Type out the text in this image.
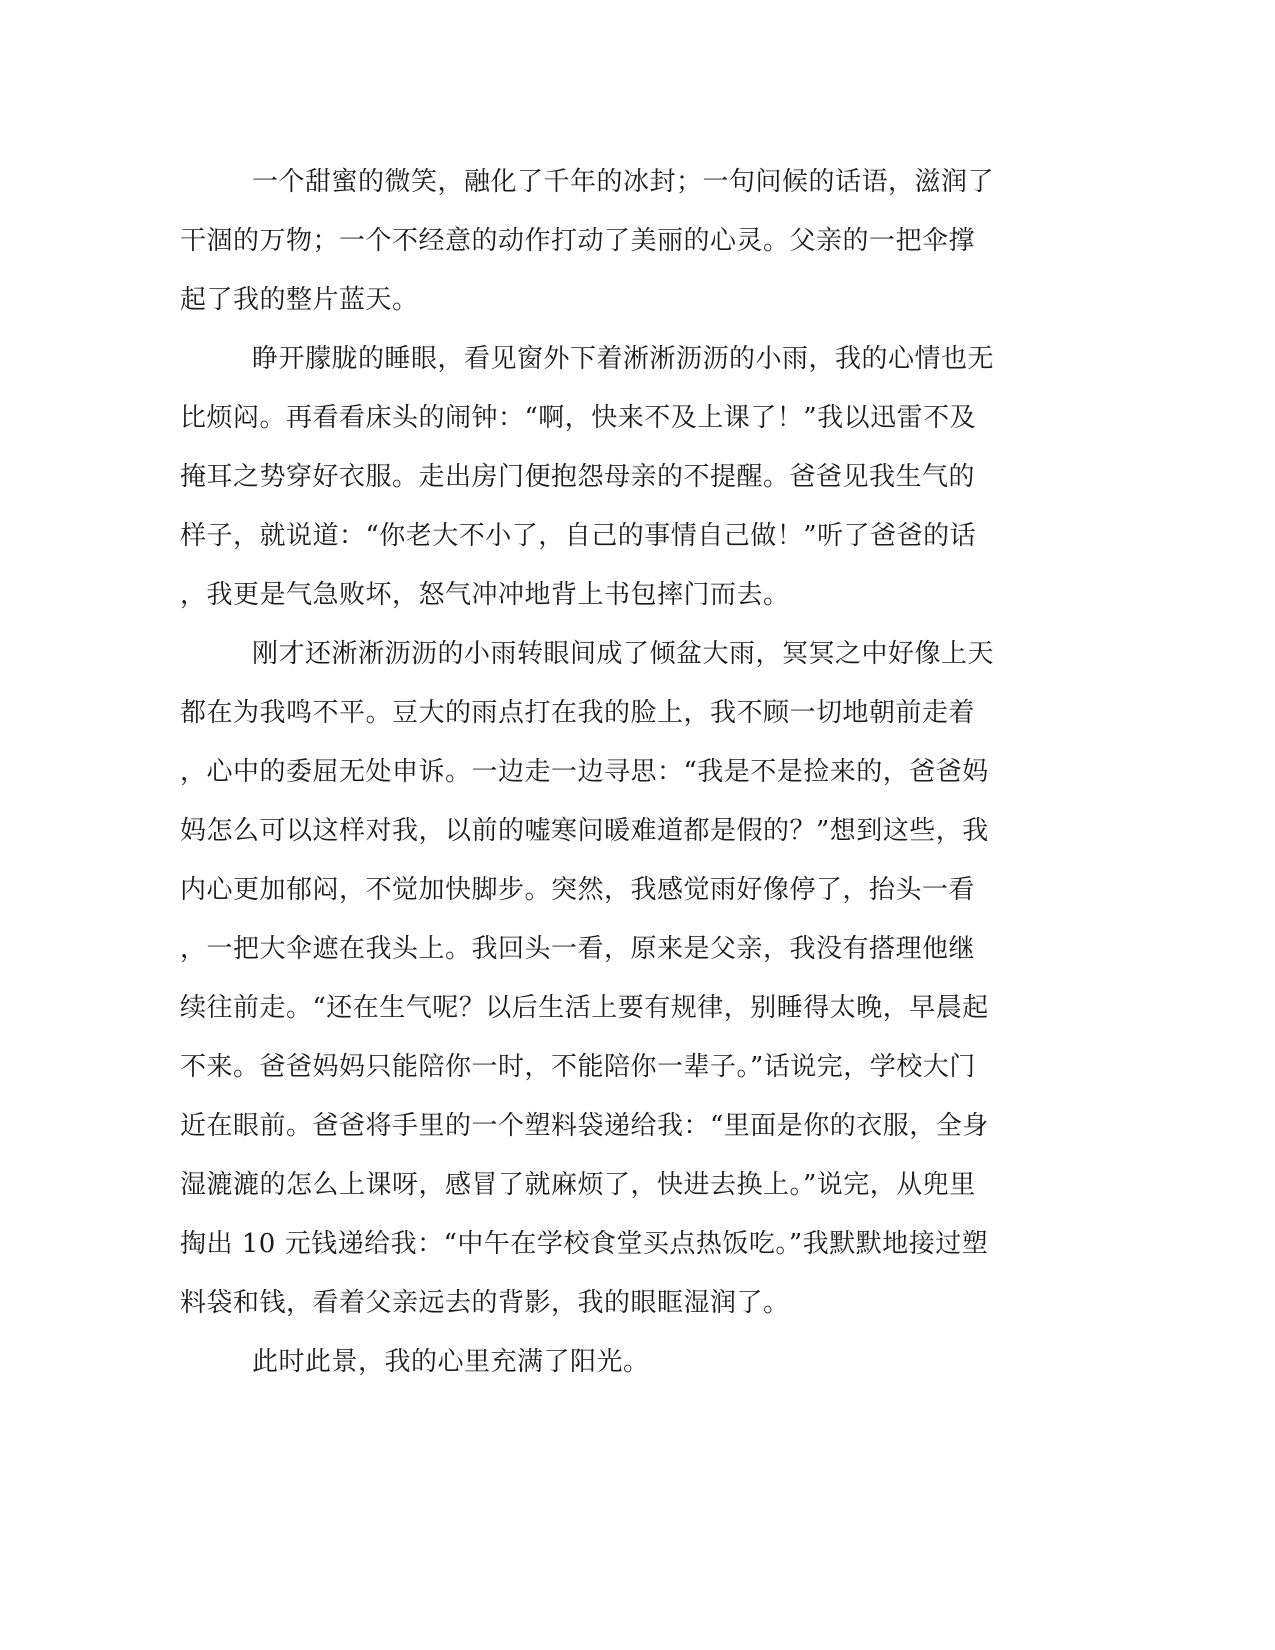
一个甜蜜的微笑，融化了千年的冰封；一句问候的话语，滋润了
干涸的万物；一个不经意的动作打动了美丽的心灵。父亲的一把伞撑
起了我的整片蓝天。
睁开朦胧的睡眼，看见窗外下着淅淅沥沥的小雨，我的心情也无
比烦闷。再看看床头的闹钟：“啊，快来不及上课了！”我以迅雷不及
掩耳之势穿好衣服。走出房门便抱怨母亲的不提醒。爸爸见我生气的
样子，就说道：“你老大不小了，自己的事情自己做！”听了爸爸的话
，我更是气急败坏，怒气冲冲地背上书包摔门而去。
刚才还淅淅沥沥的小雨转眼间成了倾盆大雨，冥冥之中好像上天
都在为我鸣不平。豆大的雨点打在我的脸上，我不顾一切地朝前走着
，心中的委屈无处申诉。一边走一边寻思：“我是不是捡来的，爸爸妈
妈怎么可以这样对我，以前的嘘寒问暖难道都是假的？”想到这些，我
内心更加郁闷，不觉加快脚步。突然，我感觉雨好像停了，抬头一看
，一把大伞遮在我头上。我回头一看，原来是父亲，我没有搭理他继
续往前走。“还在生气呢？以后生活上要有规律，别睡得太晚，早晨起
不来。爸爸妈妈只能陪你一时，不能陪你一辈子。”话说完，学校大门
近在眼前。爸爸将手里的一个塑料袋递给我：“里面是你的衣服，全身
湿漉漉的怎么上课呀，感冒了就麻烦了，快进去换上。”说完，从兜里
掏出 10 元钱递给我：“中午在学校食堂买点热饭吃。”我默默地接过塑
料袋和钱，看着父亲远去的背影，我的眼眶湿润了。
此时此景，我的心里充满了阳光。
